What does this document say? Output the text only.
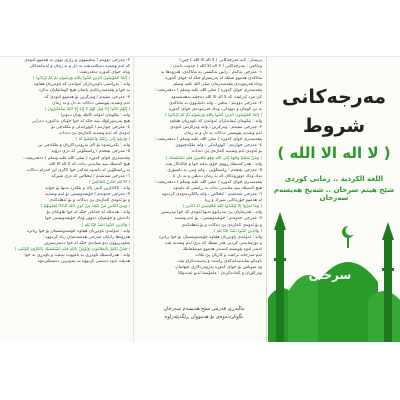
٢- مەرجی دووەم / یەقینبوون و ڕازی بوون بە هەموو ئەوەی
كە ئەم وشەیە دەیگەیەنێت بە دڵ و بە زمان و ئەندامەكان
وەك خوای گەورە دەفەرمێت :
( إِنَّمَا الْمُؤْمِنُونَ الَّذِينَ آمَنُوا بِاللَّهِ وَرَسُولِهِ ثُمَّ لَمْ يَرْتَابُوا )
واتە : بەڕاستی باوەڕداران ئەوانەن كە باوەڕیان هێناوە
بە خوا و پێغەمبەرەكەی پاشان هیچ گومانێكیان نەكرد
٣- مەرجی سێیەم / وەرگرتن بۆ هەموو ئەوەی كە
ئەم وشەیە پێویستی دەكات بە دڵ و بە زمان
( إِنَّهُمْ كَانُوا إِذَا قِيلَ لَهُمْ لَا إِلَٰهَ إِلَّا اللَّهُ يَسْتَكْبِرُونَ )
واتە : بێگومان ئەوانە كاتێك پێیان دەوترا
هیچ پەرستراوێك نییە جگە لە خوا خۆیان بەگەورە دەزانی
٤- مەرجی چوارەم / گوێڕایەڵی و ملكەچی بۆ
ئەوەی كە ئەم وشەیە ئاماژەی پێ دەدات
( وَأَنِيبُوا إِلَىٰ رَبِّكُمْ وَأَسْلِمُوا لَهُ )
واتە : بگەڕێنەوە بۆ لای پەروەردگارتان و ملكەچی بن
٥- مەرجی پێنجەم / ڕاستگۆیی كە دژی درۆیە
پێغەمبەری خوای گەورە ( صلی اللە علیە وسلم ) دەفەرمێت :
هیچ كەسێك نییە شایەتی بدات كە لا الە الا اللە
بە ڕاستگۆیی لە دڵیەوە مەگەر خوا ئاگری لێ حەرام دەكات
٦- مەرجی شەشەم / ئیخلاص كە دژی شیركە
( أَلَا لِلَّهِ الدِّينُ الْخَالِصُ )
واتە : ئاگاداربن ئاینی پاك و بێگەرد تەنها بۆ خوایە
٧- مەرجی حەوتەم / خۆشەویستی بۆ ئەم وشەیە
و بۆ ئەوەی ئاماژەی پێ دەكات و بۆ ئەهلەكەی
( وَمِنَ النَّاسِ مَنْ يَتَّخِذُ مِنْ دُونِ اللَّهِ أَنْدَادًا يُحِبُّونَهُمْ )
واتە : هەندێك لە خەڵكی جگە لە خوا هاوتایان بۆ
دادەنێن و خۆشیان دەوێن وەك خۆشەویستی خوا
( وَالَّذِينَ آمَنُوا أَشَدُّ حُبًّا لِلَّهِ )
واتە : ئەوانەی باوەڕیان هێناوە خۆشەویستیان بۆ خوا زیاترە
هەروەها زانایان مەرجی هەشتەمیان زیاد كردووە :
بێباوەڕبوون بەو شتانەی جگە لە خوا دەپەرسترێن
( فَمَنْ يَكْفُرْ بِالطَّاغُوتِ وَيُؤْمِنْ بِاللَّهِ فَقَدِ اسْتَمْسَكَ بِالْعُرْوَةِ الْوُثْقَىٰ )
واتە : هەركەسێك باوەڕی بە تاغووت نەبێت و باوەڕی بە خوا
هەبێت ئەوە دەستی گرتووە بە پتەوترین دەستگیرەوە
پرسیار : ئایە مەرجەكانی ( لا الە الا اللە ) چین؟
وەڵامی : مەرجەكانی ( لا الە الا اللە ) حەوت دانەن :
١- مەرجی یەكەم : زانین بەگشتی بە ماناكەی، هەروەها بە
ماناكەی هەموو شتێك لە پەرستراو جگە لە خوای گەورە
وەك فەرمودەی پێغەمبەرمان صلی اللە علیە وسلم
پێغەمبەری خوای گەورە ( صلی اللە علیە وسلم ) دەفەرمێت :
كێ مرد ئەزانێت كە لا الە الا اللە دەچێتە بەهەشتەوە
٢- مەرجی دووەم : یەقین ، واتە دڵنیابوون بە ماناكەی
بە بێ گومان و دوودڵی، وەك فەرمودەی خوای گەورە
( إِنَّمَا الْمُؤْمِنُونَ الَّذِينَ آمَنُوا بِاللَّهِ وَرَسُولِهِ ثُمَّ لَمْ يَرْتَابُوا )
واتە : بێگومان ئیمانداران ئەوانەن كە باوەڕیان هێناوە
٣- مەرجی سێیەم : وەرگرتن ، واتە وەرگرتنی ئەوەی
ئەم وشەیە پێویستی دەكات بە دڵ و بە زمان
پێغەمبەری خوای گەورە ( صلی اللە علیە وسلم ) دەفەرمێت :
٤- مەرجی چوارەم : گوێڕایەڵی ، واتە ملكەچبوون
بۆ ئەوەی ئەم وشەیە ئاماژەی پێ دەدات
( وَمَنْ يُسْلِمْ وَجْهَهُ إِلَى اللَّهِ وَهُوَ مُحْسِنٌ فَقَدِ اسْتَمْسَكَ )
واتە : هەر كەسێك ڕووی خۆی بداتە خوا و چاكەكار بێت
٥- مەرجی پێنجەم : ڕاستگۆیی ، واتە وتنی بە دڵسۆزی
نەك وەك دووڕوەكان كە بە زمان دەیڵێن و بە دڵ نا
پێغەمبەری خوای گەورە ( صلی اللە علیە وسلم ) دەفەرمێت :
هیچ كەسێك نییە شایەتی بدات بە ڕاستی لە دڵیەوە
٦- مەرجی شەشەم : ئیخلاص ، واتە پاككردنەوەی كردەوە
لە هەموو جۆرەكانی شیرك و ڕیا
( وَمَا أُمِرُوا إِلَّا لِيَعْبُدُوا اللَّهَ مُخْلِصِينَ لَهُ الدِّينَ )
واتە : فەرمانیان پێ نەدرابوو تەنها ئەوەی كە خوا بپەرستن
٧- مەرجی حەوتەم : خۆشەویستی ، بۆ ئەم وشەیە
و بۆ ئەوەی ئاماژەی پێ دەكات و بۆ ئەهلەكەی
( وَالَّذِينَ آمَنُوا أَشَدُّ حُبًّا لِلَّهِ )
واتە : ئەوانەی باوەڕیان هێناوە خۆشەویستیان بۆ خوا زیاترە
و دوژمنایەتی كردنی هەر شتێك كە دژی ئەم وشەیە بێت
لەبەر ئەوە پێویستە لەسەر هەموو موسڵمانێك
ئەم مەرجانە بزانێت و كاریان پێ بكات
تاوەكو شایەتیدانەكەی ڕاست و پەسەندكراو بێت
وە سوپاس بۆ خوای گەورە پەروەردگاری جیهانیان
وەرگێڕان و ئامادەكردن : مامۆستا ئەبو عەبدوڵڵا
مەرجەكانی
شروط
( لا الە الا اللە )
اللغة الكردية .. زمانى كوردى
شێخ هیثم سرحان .. شەیخ هەیسەم سەرحان
هيثم
سرحان
ماڵپەڕی فەرمی شێخ هەیسەم سەرحان
بڵاوكردنەوەی بۆ هەمووان ڕێگەپێدراوە
